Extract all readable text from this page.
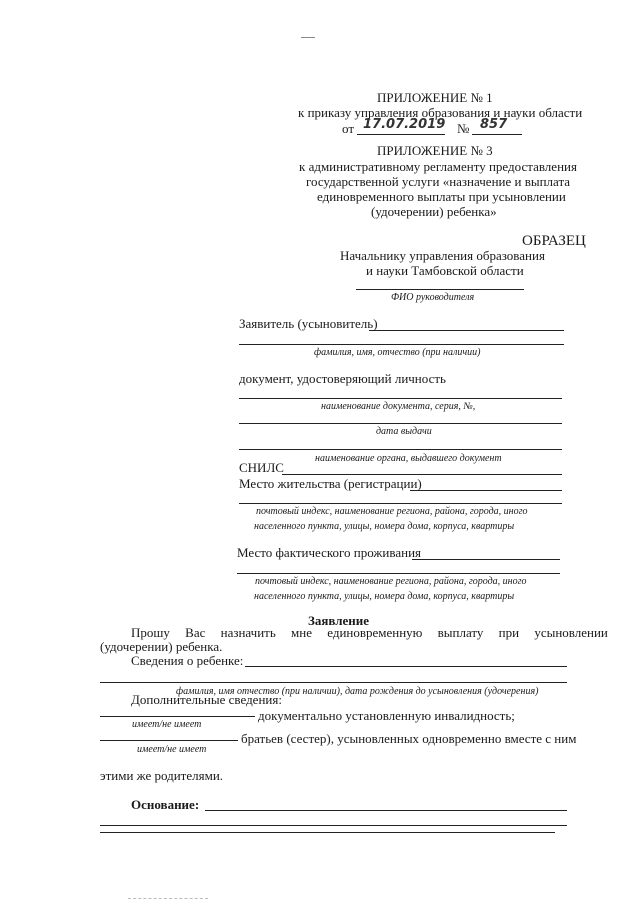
ПРИЛОЖЕНИЕ № 1
к приказу управления образования и науки области
от 17.07.2019 № 857
ПРИЛОЖЕНИЕ № 3
к административному регламенту предоставления
государственной услуги «назначение и выплата
единовременного выплаты при усыновлении
(удочерении) ребенка»
ОБРАЗЕЦ
Начальнику управления образования
и науки Тамбовской области
ФИО руководителя
Заявитель (усыновитель)
фамилия, имя, отчество (при наличии)
документ, удостоверяющий личность
наименование документа, серия, №,
дата выдачи
наименование органа, выдавшего документ
СНИЛС
Место жительства (регистрации)
почтовый индекс, наименование региона, района, города, иного
населенного пункта, улицы, номера дома, корпуса, квартиры
Место фактического проживания
почтовый индекс, наименование региона, района, города, иного
населенного пункта, улицы, номера дома, корпуса, квартиры
Заявление
Прошу Вас назначить мне единовременную выплату при усыновлении
(удочерении) ребенка.
Сведения о ребенке:
фамилия, имя отчество (при наличии), дата рождения до усыновления (удочерения)
Дополнительные сведения:
документально установленную инвалидность;
имеет/не имеет
братьев (сестер), усыновленных одновременно вместе с ним
имеет/не имеет
этими же родителями.
Основание:
